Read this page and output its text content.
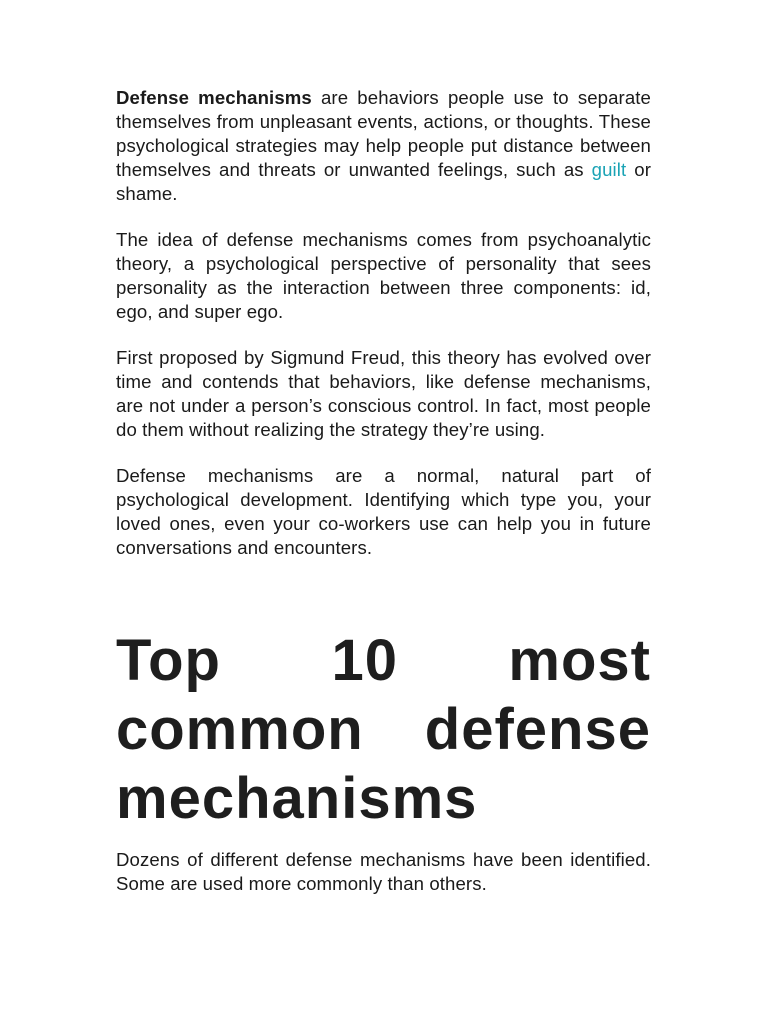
Defense mechanisms are behaviors people use to separate themselves from unpleasant events, actions, or thoughts. These psychological strategies may help people put distance between themselves and threats or unwanted feelings, such as guilt or shame.

The idea of defense mechanisms comes from psychoanalytic theory, a psychological perspective of personality that sees personality as the interaction between three components: id, ego, and super ego.

First proposed by Sigmund Freud, this theory has evolved over time and contends that behaviors, like defense mechanisms, are not under a person’s conscious control. In fact, most people do them without realizing the strategy they’re using.

Defense mechanisms are a normal, natural part of psychological development. Identifying which type you, your loved ones, even your co-workers use can help you in future conversations and encounters.

Top 10 most common defense mechanisms

Dozens of different defense mechanisms have been identified. Some are used more commonly than others.
